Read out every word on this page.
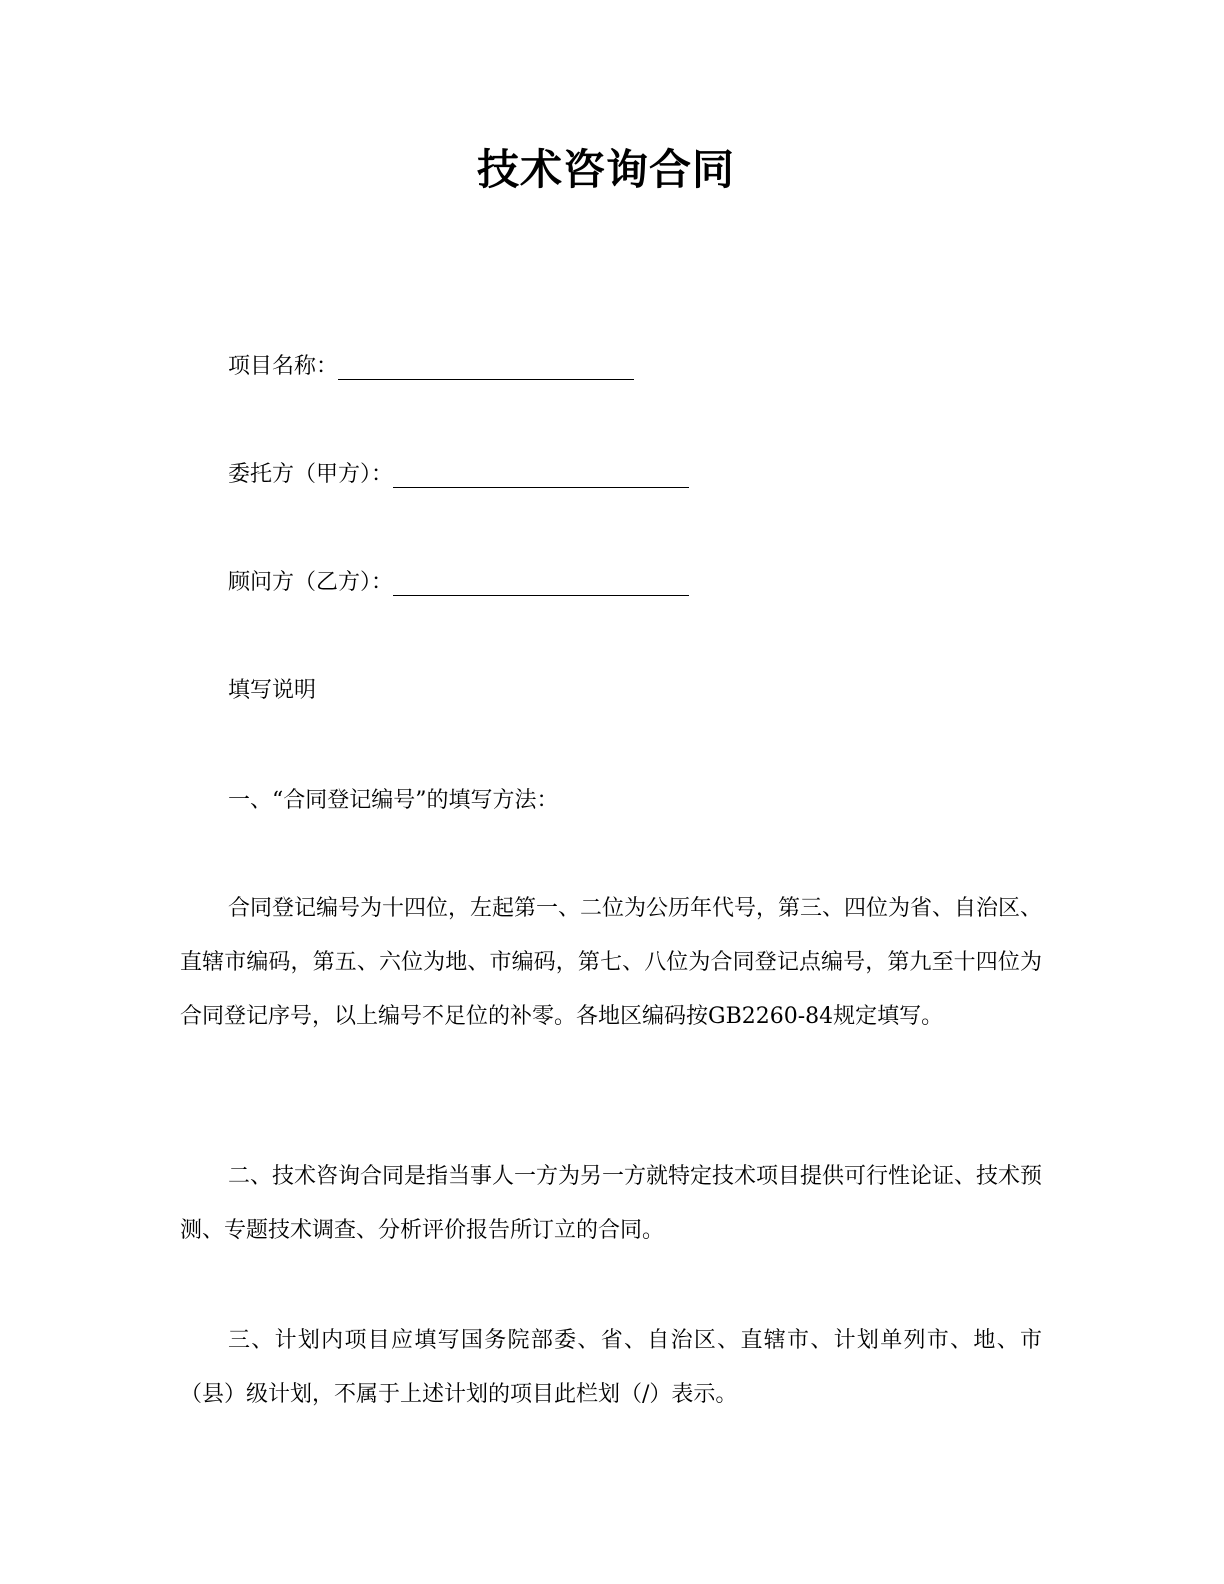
技术咨询合同
项目名称：
委托方（甲方）：
顾问方（乙方）：
填写说明
一、“合同登记编号”的填写方法：

合同登记编号为十四位，左起第一、二位为公历年代号，第三、四位为省、自治区、直辖市编码，第五、六位为地、市编码，第七、八位为合同登记点编号，第九至十四位为合同登记序号，以上编号不足位的补零。各地区编码按GB2260-84规定填写。

二、技术咨询合同是指当事人一方为另一方就特定技术项目提供可行性论证、技术预测、专题技术调查、分析评价报告所订立的合同。

三、计划内项目应填写国务院部委、省、自治区、直辖市、计划单列市、地、市（县）级计划，不属于上述计划的项目此栏划（/）表示。
